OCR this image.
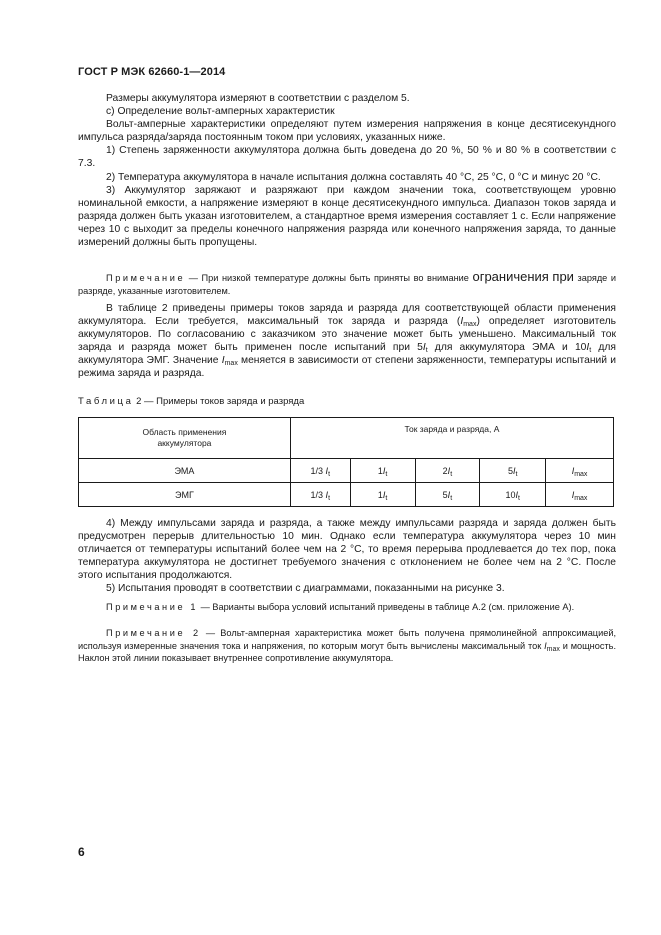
ГОСТ Р МЭК 62660-1—2014

Размеры аккумулятора измеряют в соответствии с разделом 5.

с) Определение вольт-амперных характеристик

Вольт-амперные характеристики определяют путем измерения напряжения в конце десятисекундного импульса разряда/заряда постоянным током при условиях, указанных ниже.

1) Степень заряженности аккумулятора должна быть доведена до 20 %, 50 % и 80 % в соответствии с 7.3.

2) Температура аккумулятора в начале испытания должна составлять 40 °С, 25 °С, 0 °С и минус 20 °С.

3) Аккумулятор заряжают и разряжают при каждом значении тока, соответствующем уровню номинальной емкости, а напряжение измеряют в конце десятисекундного импульса. Диапазон токов заряда и разряда должен быть указан изготовителем, а стандартное время измерения составляет 1 с. Если напряжение через 10 с выходит за пределы конечного напряжения разряда или конечного напряжения заряда, то данные измерений должны быть пропущены.

Примечание — При низкой температуре должны быть приняты во внимание ограничения при заряде и разряде, указанные изготовителем.

В таблице 2 приведены примеры токов заряда и разряда для соответствующей области применения аккумулятора. Если требуется, максимальный ток заряда и разряда $(I_{max})$ определяет изготовитель аккумуляторов. По согласованию с заказчиком это значение может быть уменьшено. Максимальный ток заряда и разряда может быть применен после испытаний при $5I_t$ для аккумулятора ЭМА и $10I_t$ для аккумулятора ЭМГ. Значение $I_{max}$ меняется в зависимости от степени заряженности, температуры испытаний и режима заряда и разряда.

Таблица 2 — Примеры токов заряда и разряда
Область применения аккумулятора	Ток заряда и разряда, А				
ЭМА	1/3 $I_t$	$1I_t$	$2I_t$	$5I_t$	$I_{max}$
ЭМГ	1/3 $I_t$	$1I_t$	$5I_t$	$10I_t$	$I_{max}$

4) Между импульсами заряда и разряда, а также между импульсами разряда и заряда должен быть предусмотрен перерыв длительностью 10 мин. Однако если температура аккумулятора через 10 мин отличается от температуры испытаний более чем на 2 °С, то время перерыва продлевается до тех пор, пока температура аккумулятора не достигнет требуемого значения с отклонением не более чем на 2 °С. После этого испытания продолжаются.

5) Испытания проводят в соответствии с диаграммами, показанными на рисунке 3.

Примечание 1 — Варианты выбора условий испытаний приведены в таблице А.2 (см. приложение А).

Примечание 2 — Вольт-амперная характеристика может быть получена прямолинейной аппроксимацией, используя измеренные значения тока и напряжения, по которым могут быть вычислены максимальный ток $I_{max}$ и мощность. Наклон этой линии показывает внутреннее сопротивление аккумулятора.

6
